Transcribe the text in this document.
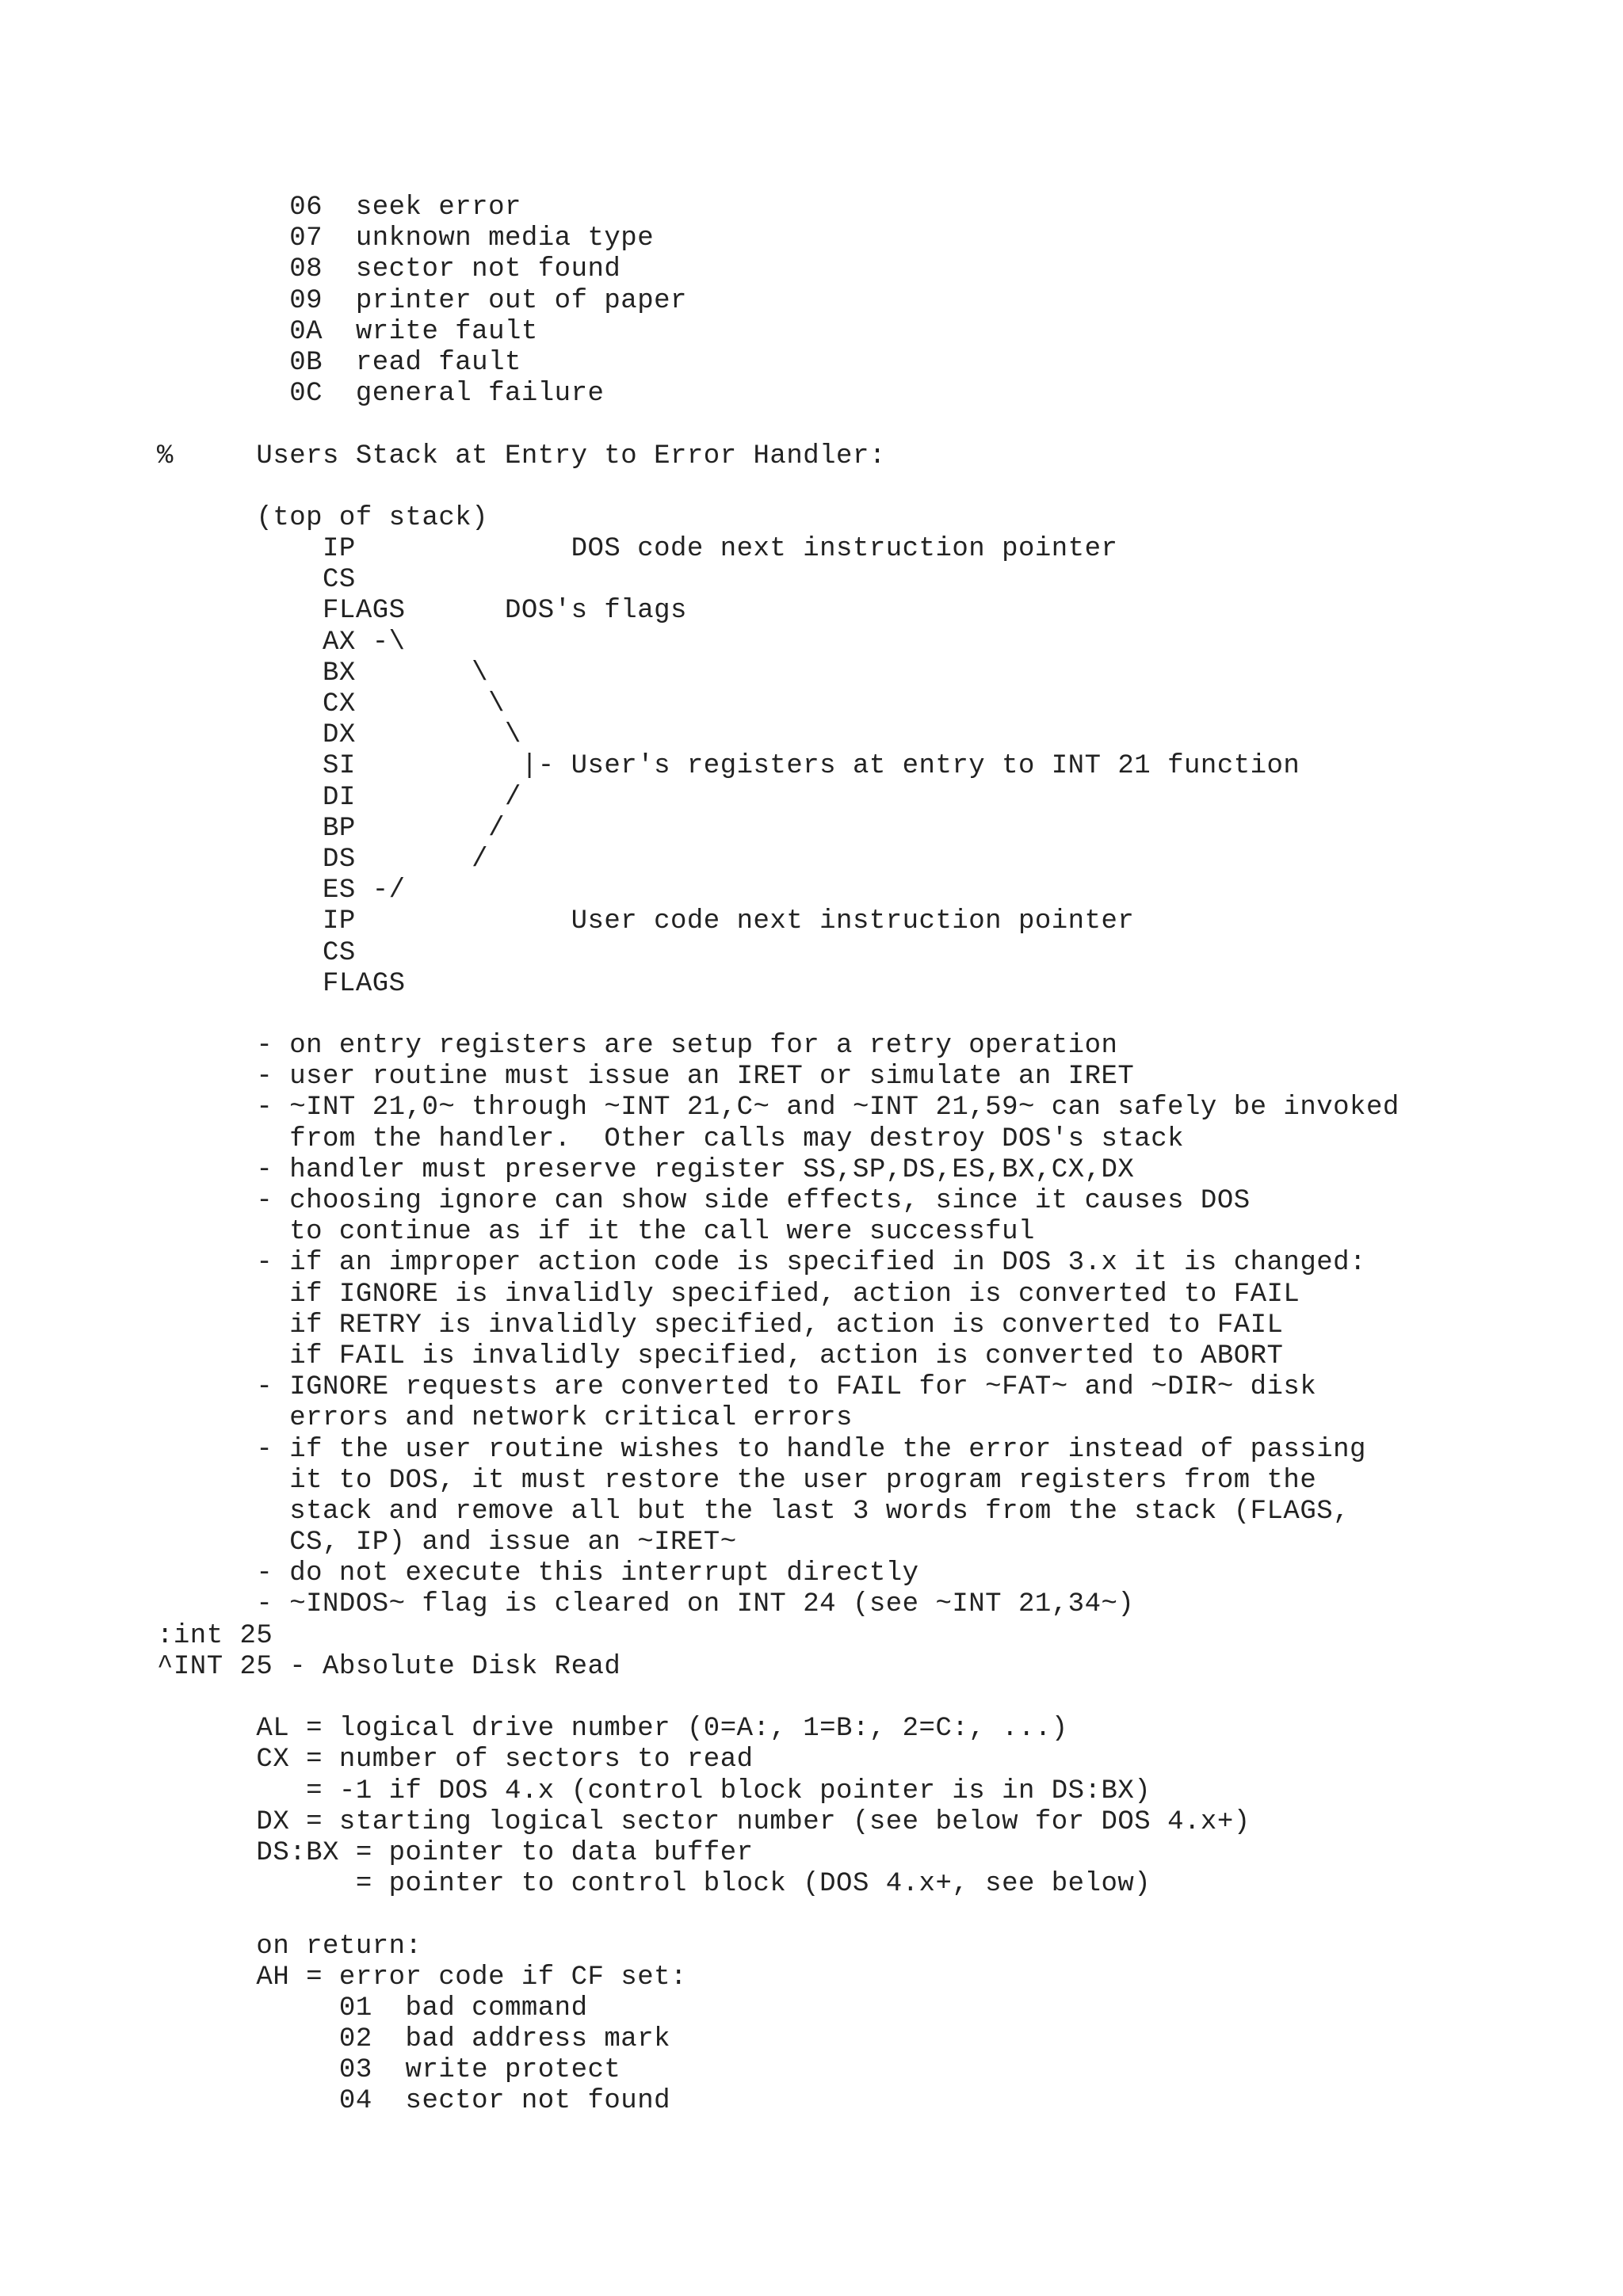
06  seek error
07  unknown media type
08  sector not found
09  printer out of paper
0A  write fault
0B  read fault
0C  general failure
%     Users Stack at Entry to Error Handler:
(top of stack)
IP             DOS code next instruction pointer
CS
FLAGS      DOS's flags
AX -\
BX       \
CX        \
DX         \
SI          |- User's registers at entry to INT 21 function
DI         /
BP        /
DS       /
ES -/
IP             User code next instruction pointer
CS
FLAGS
- on entry registers are setup for a retry operation
- user routine must issue an IRET or simulate an IRET
- ~INT 21,0~ through ~INT 21,C~ and ~INT 21,59~ can safely be invoked
from the handler.  Other calls may destroy DOS's stack
- handler must preserve register SS,SP,DS,ES,BX,CX,DX
- choosing ignore can show side effects, since it causes DOS
to continue as if it the call were successful
- if an improper action code is specified in DOS 3.x it is changed:
if IGNORE is invalidly specified, action is converted to FAIL
if RETRY is invalidly specified, action is converted to FAIL
if FAIL is invalidly specified, action is converted to ABORT
- IGNORE requests are converted to FAIL for ~FAT~ and ~DIR~ disk
errors and network critical errors
- if the user routine wishes to handle the error instead of passing
it to DOS, it must restore the user program registers from the
stack and remove all but the last 3 words from the stack (FLAGS,
CS, IP) and issue an ~IRET~
- do not execute this interrupt directly
- ~INDOS~ flag is cleared on INT 24 (see ~INT 21,34~)
:int 25
^INT 25 - Absolute Disk Read
AL = logical drive number (0=A:, 1=B:, 2=C:, ...)
CX = number of sectors to read
= -1 if DOS 4.x (control block pointer is in DS:BX)
DX = starting logical sector number (see below for DOS 4.x+)
DS:BX = pointer to data buffer
= pointer to control block (DOS 4.x+, see below)
on return:
AH = error code if CF set:
01  bad command
02  bad address mark
03  write protect
04  sector not found
